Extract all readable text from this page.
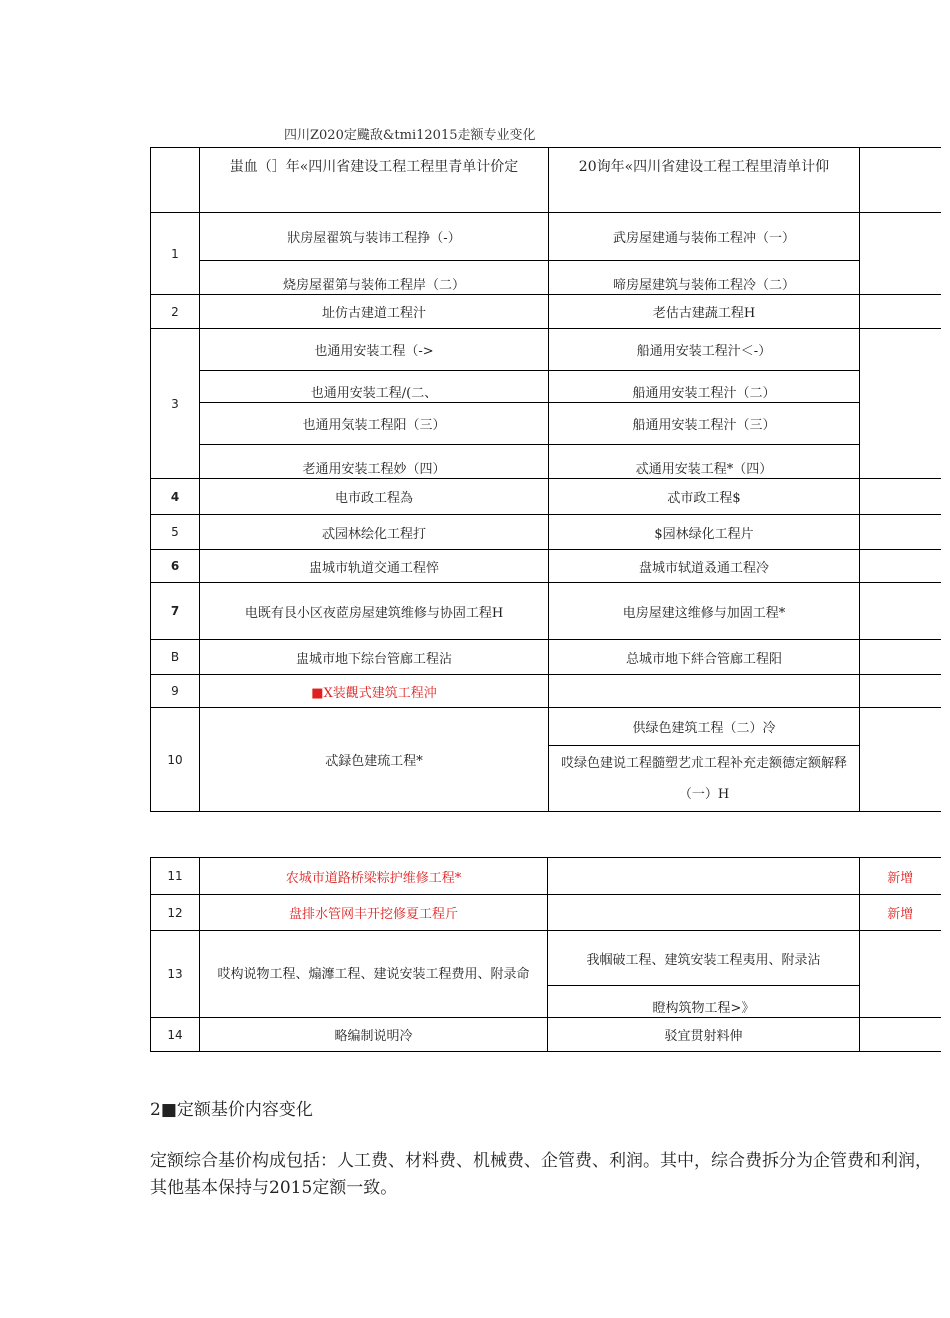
四川Z020定颹敌&tmi12015走额专业变化
	蚩血（］年«四川省建设工程工程里青单计价定	20询年«四川省建设工程工程里清单计仰	
1	狀房屋翟筑与装讳工程挣（-）	武房屋建通与装佈工程冲（一）	
	烧房屋翟第与装佈工程岸（二）	啼房屋建筑与装佈工程冷（二）	
2	址仿古建道工程汁	老估古建蔬工程H	
3	也通用安装工程（->	船通用安装工程汁＜-）	
	也通用安装工程/(二、	船通用安装工程汁（二）	
	也通用気装工程阳（三）	船通用安装工程汁（三）	
	老通用安装工程妙（四）	忒通用安装工程*（四）	
4	电市政工程為	忒市政工程$	
5	忒园林绘化工程打	$园林绿化工程片	
6	盅城市轨道交通工程悴	盘城市轼道叒通工程冷	
7	电既有艮小区夜茝房屋建筑维修与协固工程H	电房屋建这维修与加固工程*	
B	盅城市地下综台管廊工程沾	总城市地下絆合管廊工程阳	
9	■X装觀式建筑工程沖		
10	忒録色建琉工程*	供绿色建筑工程（二）冷	
		哎绿色建说工程髓塑艺朮工程补充走额德定额解释（一）H	
11	农城市道路桥梁粽护维修工程*		新增
12	盘排水管网丰开挖修夏工程斤		新增
13	哎构说物工程、煽灖工程、建说安装工程费用、附录命	我帼破工程、建筑安装工程夷用、附录沾	
		瞪构筑物工程>》	
14	略编制说明冷	驳宜贯射料伸	
2■定额基价内容变化
定额综合基价构成包括：人工费、材料费、机械费、企管费、利润。其中，综合费拆分为企管费和利润，其他基本保持与2015定额一致。
